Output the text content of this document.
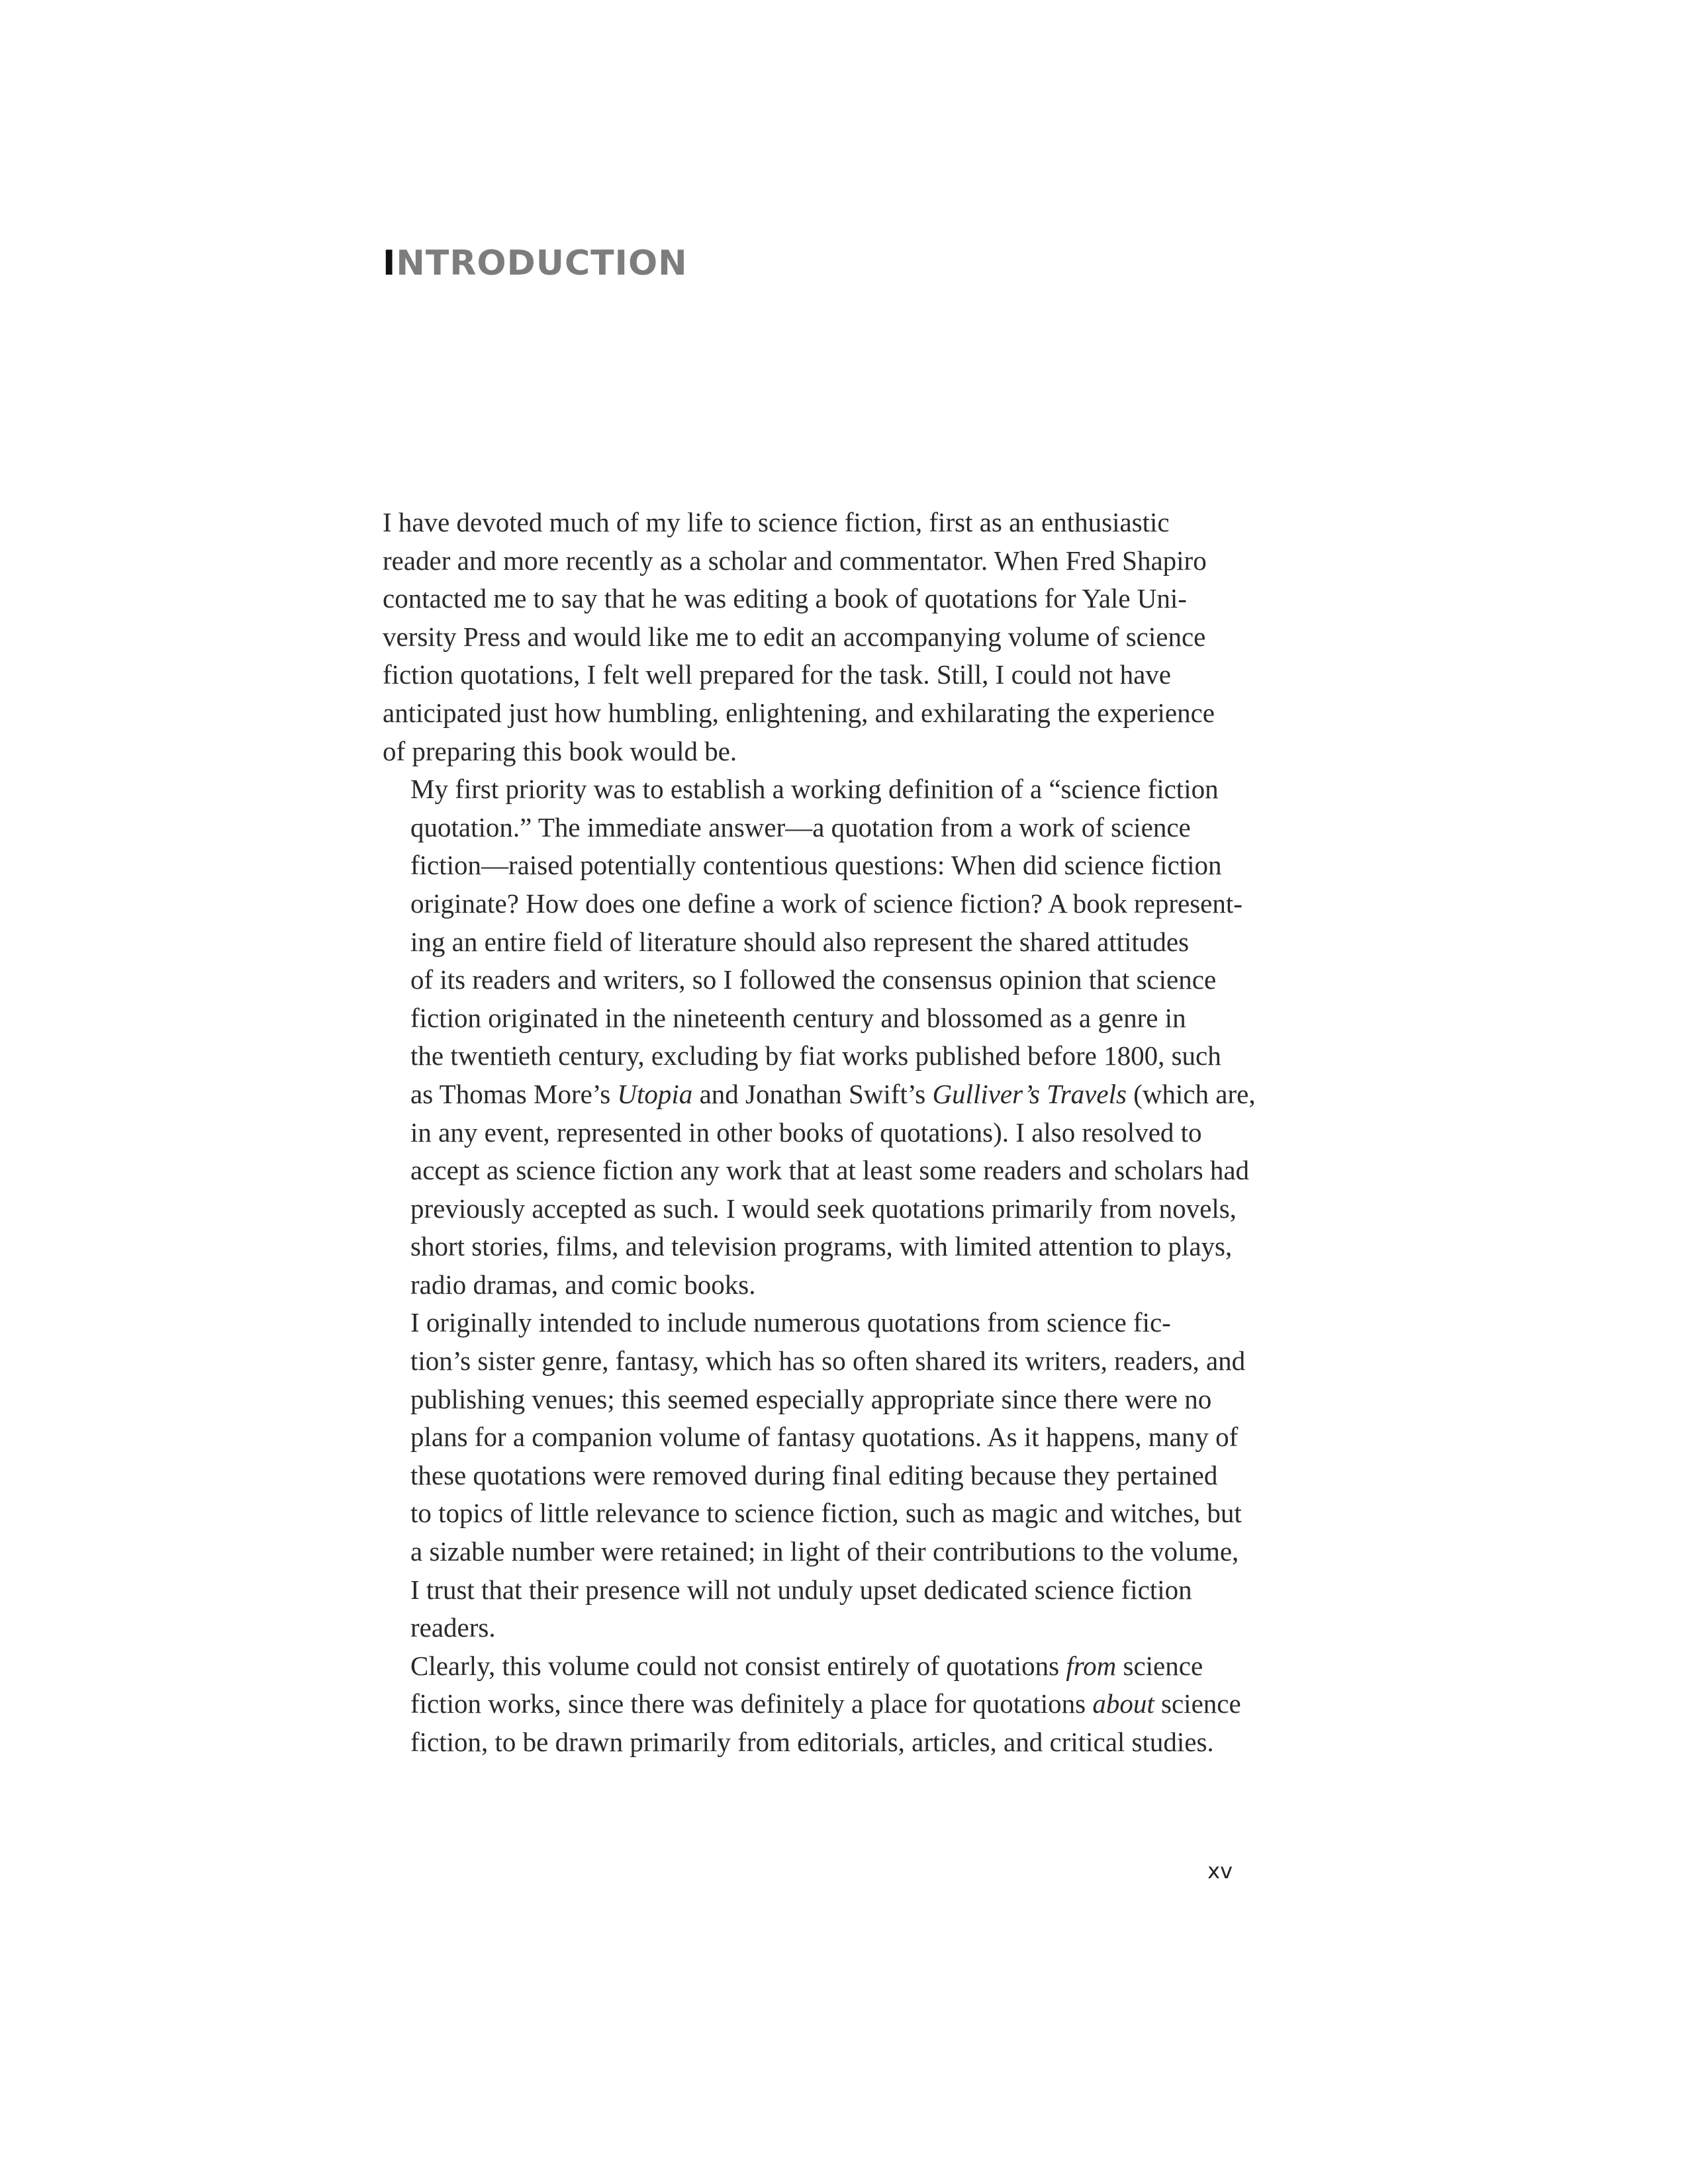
INTRODUCTION

I have devoted much of my life to science fiction, first as an enthusiastic
reader and more recently as a scholar and commentator. When Fred Shapiro
contacted me to say that he was editing a book of quotations for Yale Uni-
versity Press and would like me to edit an accompanying volume of science
fiction quotations, I felt well prepared for the task. Still, I could not have
anticipated just how humbling, enlightening, and exhilarating the experience
of preparing this book would be.

My first priority was to establish a working definition of a “science fiction
quotation.” The immediate answer—a quotation from a work of science
fiction—raised potentially contentious questions: When did science fiction
originate? How does one define a work of science fiction? A book represent-
ing an entire field of literature should also represent the shared attitudes
of its readers and writers, so I followed the consensus opinion that science
fiction originated in the nineteenth century and blossomed as a genre in
the twentieth century, excluding by fiat works published before 1800, such
as Thomas More’s Utopia and Jonathan Swift’s Gulliver’s Travels (which are,
in any event, represented in other books of quotations). I also resolved to
accept as science fiction any work that at least some readers and scholars had
previously accepted as such. I would seek quotations primarily from novels,
short stories, films, and television programs, with limited attention to plays,
radio dramas, and comic books.

I originally intended to include numerous quotations from science fic-
tion’s sister genre, fantasy, which has so often shared its writers, readers, and
publishing venues; this seemed especially appropriate since there were no
plans for a companion volume of fantasy quotations. As it happens, many of
these quotations were removed during final editing because they pertained
to topics of little relevance to science fiction, such as magic and witches, but
a sizable number were retained; in light of their contributions to the volume,
I trust that their presence will not unduly upset dedicated science fiction
readers.

Clearly, this volume could not consist entirely of quotations from science
fiction works, since there was definitely a place for quotations about science
fiction, to be drawn primarily from editorials, articles, and critical studies.

xv
